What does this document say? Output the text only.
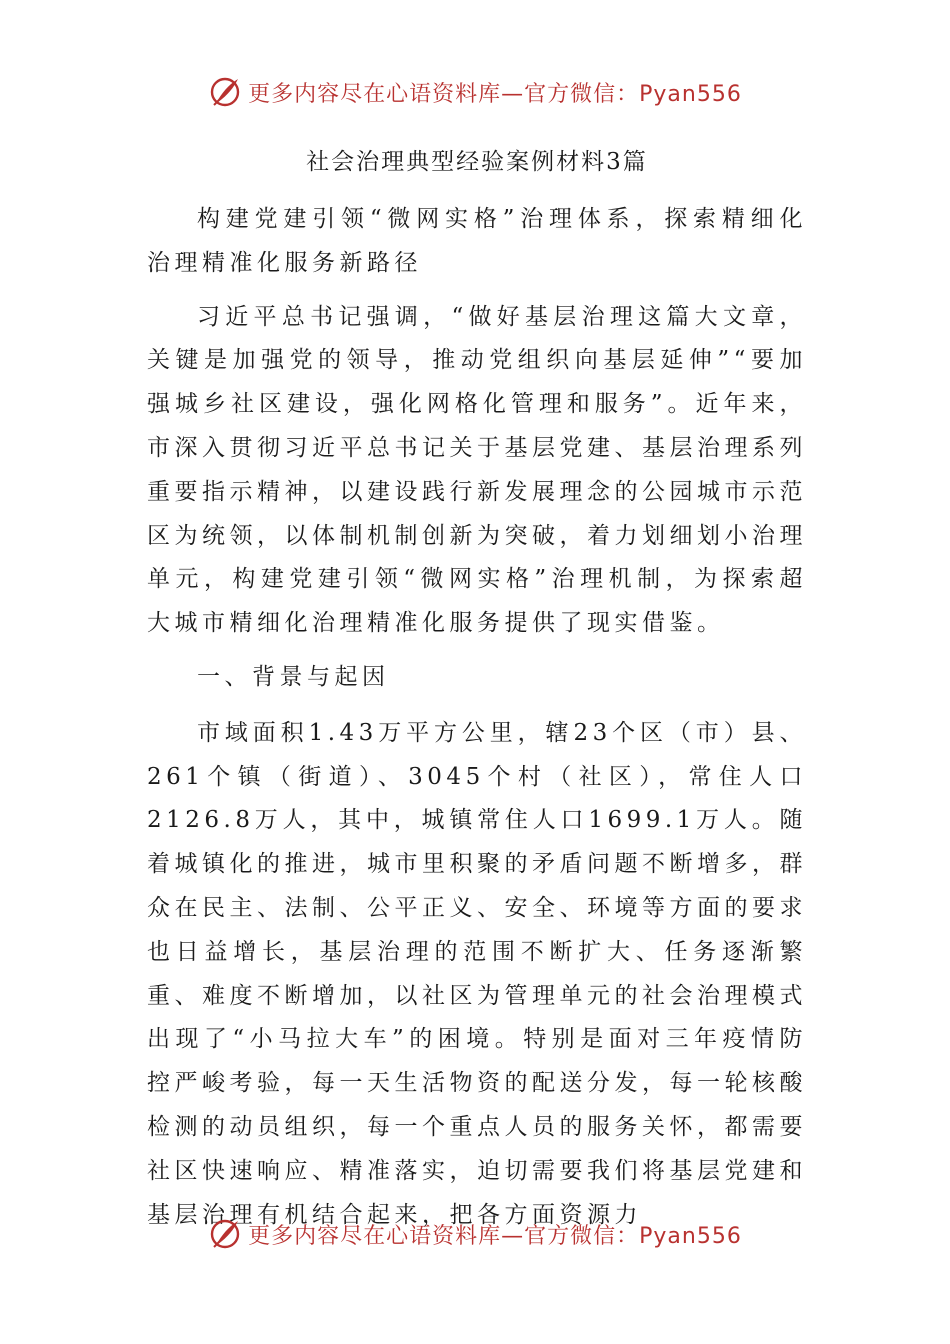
更多内容尽在心语资料库—官方微信：Pyan556
社会治理典型经验案例材料3篇

构建党建引领“微网实格”治理体系，探索精细化治理精准化服务新路径

习近平总书记强调，“做好基层治理这篇大文章，关键是加强党的领导，推动党组织向基层延伸”“要加强城乡社区建设，强化网格化管理和服务”。近年来，市深入贯彻习近平总书记关于基层党建、基层治理系列重要指示精神，以建设践行新发展理念的公园城市示范区为统领，以体制机制创新为突破，着力划细划小治理单元，构建党建引领“微网实格”治理机制，为探索超大城市精细化治理精准化服务提供了现实借鉴。

一、背景与起因

市域面积1.43万平方公里，辖23个区（市）县、261个镇（街道）、3045个村（社区），常住人口2126.8万人，其中，城镇常住人口1699.1万人。随着城镇化的推进，城市里积聚的矛盾问题不断增多，群众在民主、法制、公平正义、安全、环境等方面的要求也日益增长，基层治理的范围不断扩大、任务逐渐繁重、难度不断增加，以社区为管理单元的社会治理模式出现了“小马拉大车”的困境。特别是面对三年疫情防控严峻考验，每一天生活物资的配送分发，每一轮核酸检测的动员组织，每一个重点人员的服务关怀，都需要社区快速响应、精准落实，迫切需要我们将基层党建和基层治理有机结合起来，把各方面资源力

更多内容尽在心语资料库—官方微信：Pyan556
